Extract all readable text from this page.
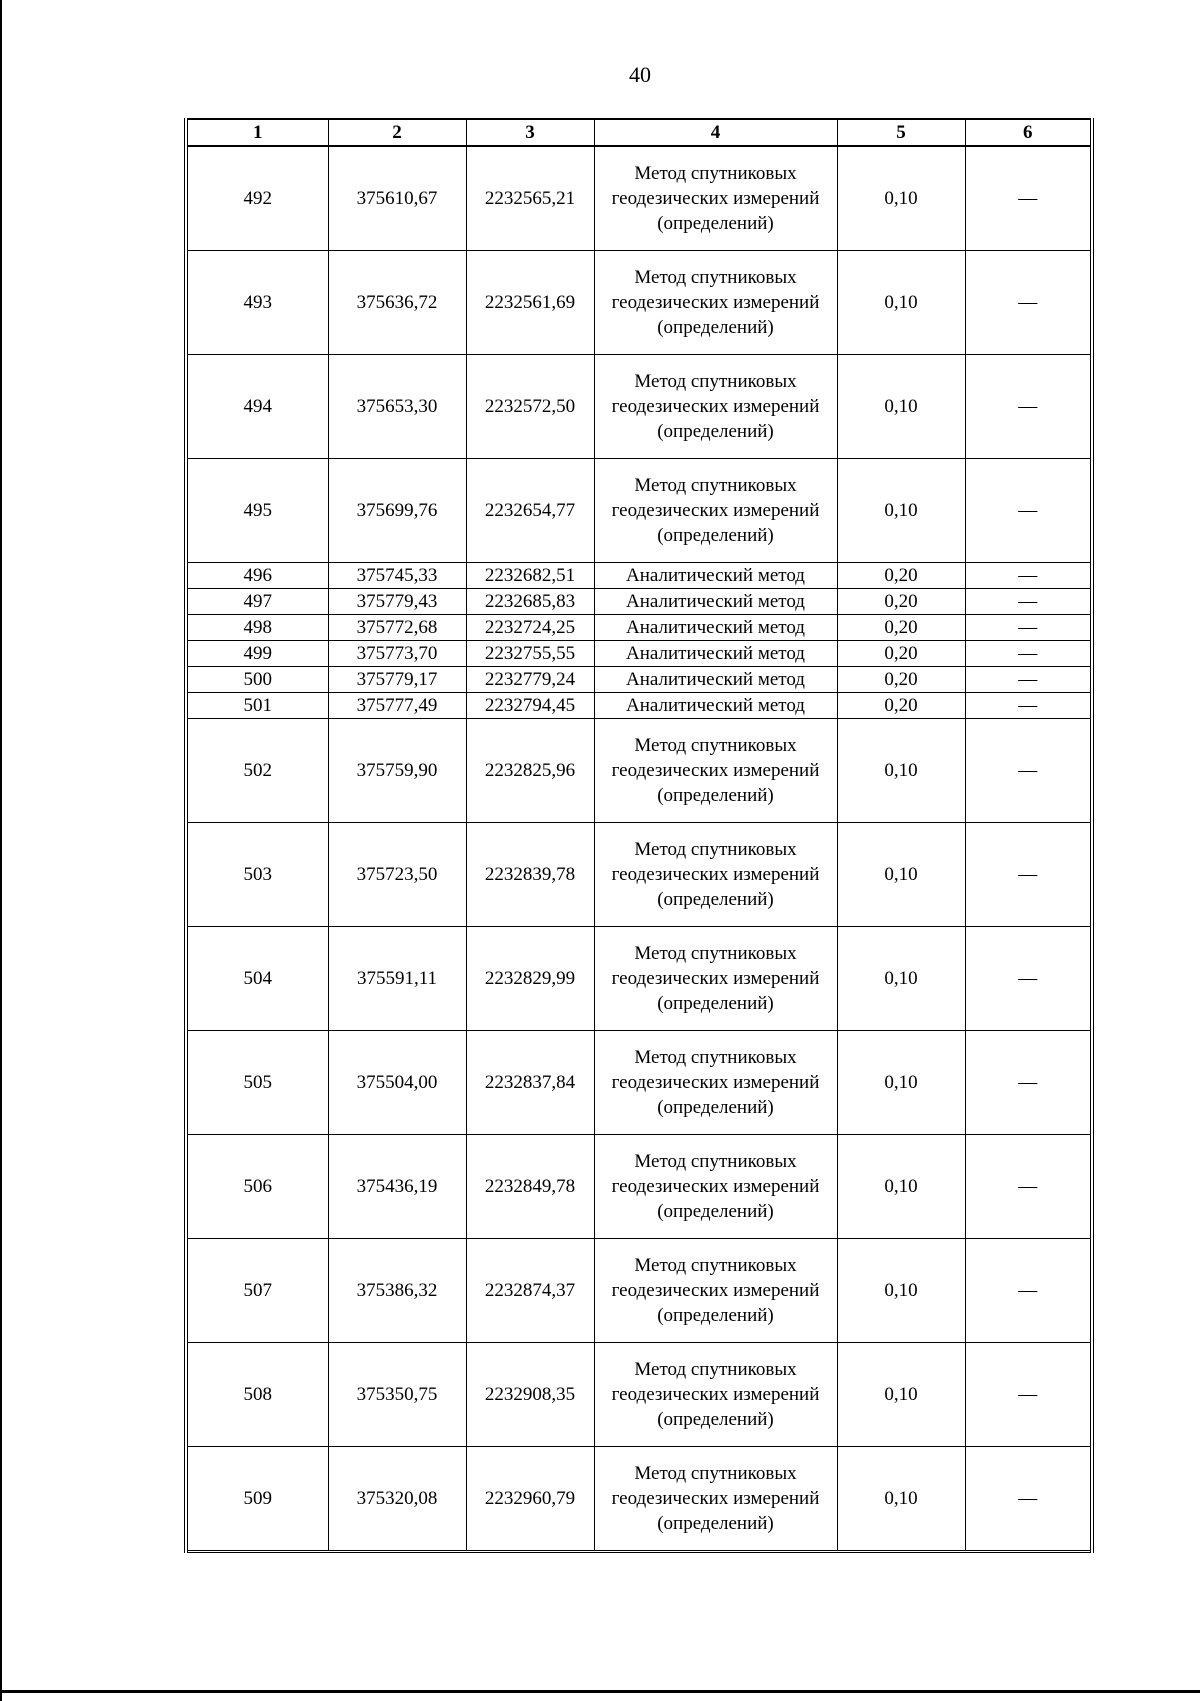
40
1	2	3	4	5	6
492	375610,67	2232565,21	Метод спутниковых геодезических измерений (определений)	0,10	—
493	375636,72	2232561,69	Метод спутниковых геодезических измерений (определений)	0,10	—
494	375653,30	2232572,50	Метод спутниковых геодезических измерений (определений)	0,10	—
495	375699,76	2232654,77	Метод спутниковых геодезических измерений (определений)	0,10	—
496	375745,33	2232682,51	Аналитический метод	0,20	—
497	375779,43	2232685,83	Аналитический метод	0,20	—
498	375772,68	2232724,25	Аналитический метод	0,20	—
499	375773,70	2232755,55	Аналитический метод	0,20	—
500	375779,17	2232779,24	Аналитический метод	0,20	—
501	375777,49	2232794,45	Аналитический метод	0,20	—
502	375759,90	2232825,96	Метод спутниковых геодезических измерений (определений)	0,10	—
503	375723,50	2232839,78	Метод спутниковых геодезических измерений (определений)	0,10	—
504	375591,11	2232829,99	Метод спутниковых геодезических измерений (определений)	0,10	—
505	375504,00	2232837,84	Метод спутниковых геодезических измерений (определений)	0,10	—
506	375436,19	2232849,78	Метод спутниковых геодезических измерений (определений)	0,10	—
507	375386,32	2232874,37	Метод спутниковых геодезических измерений (определений)	0,10	—
508	375350,75	2232908,35	Метод спутниковых геодезических измерений (определений)	0,10	—
509	375320,08	2232960,79	Метод спутниковых геодезических измерений (определений)	0,10	—
